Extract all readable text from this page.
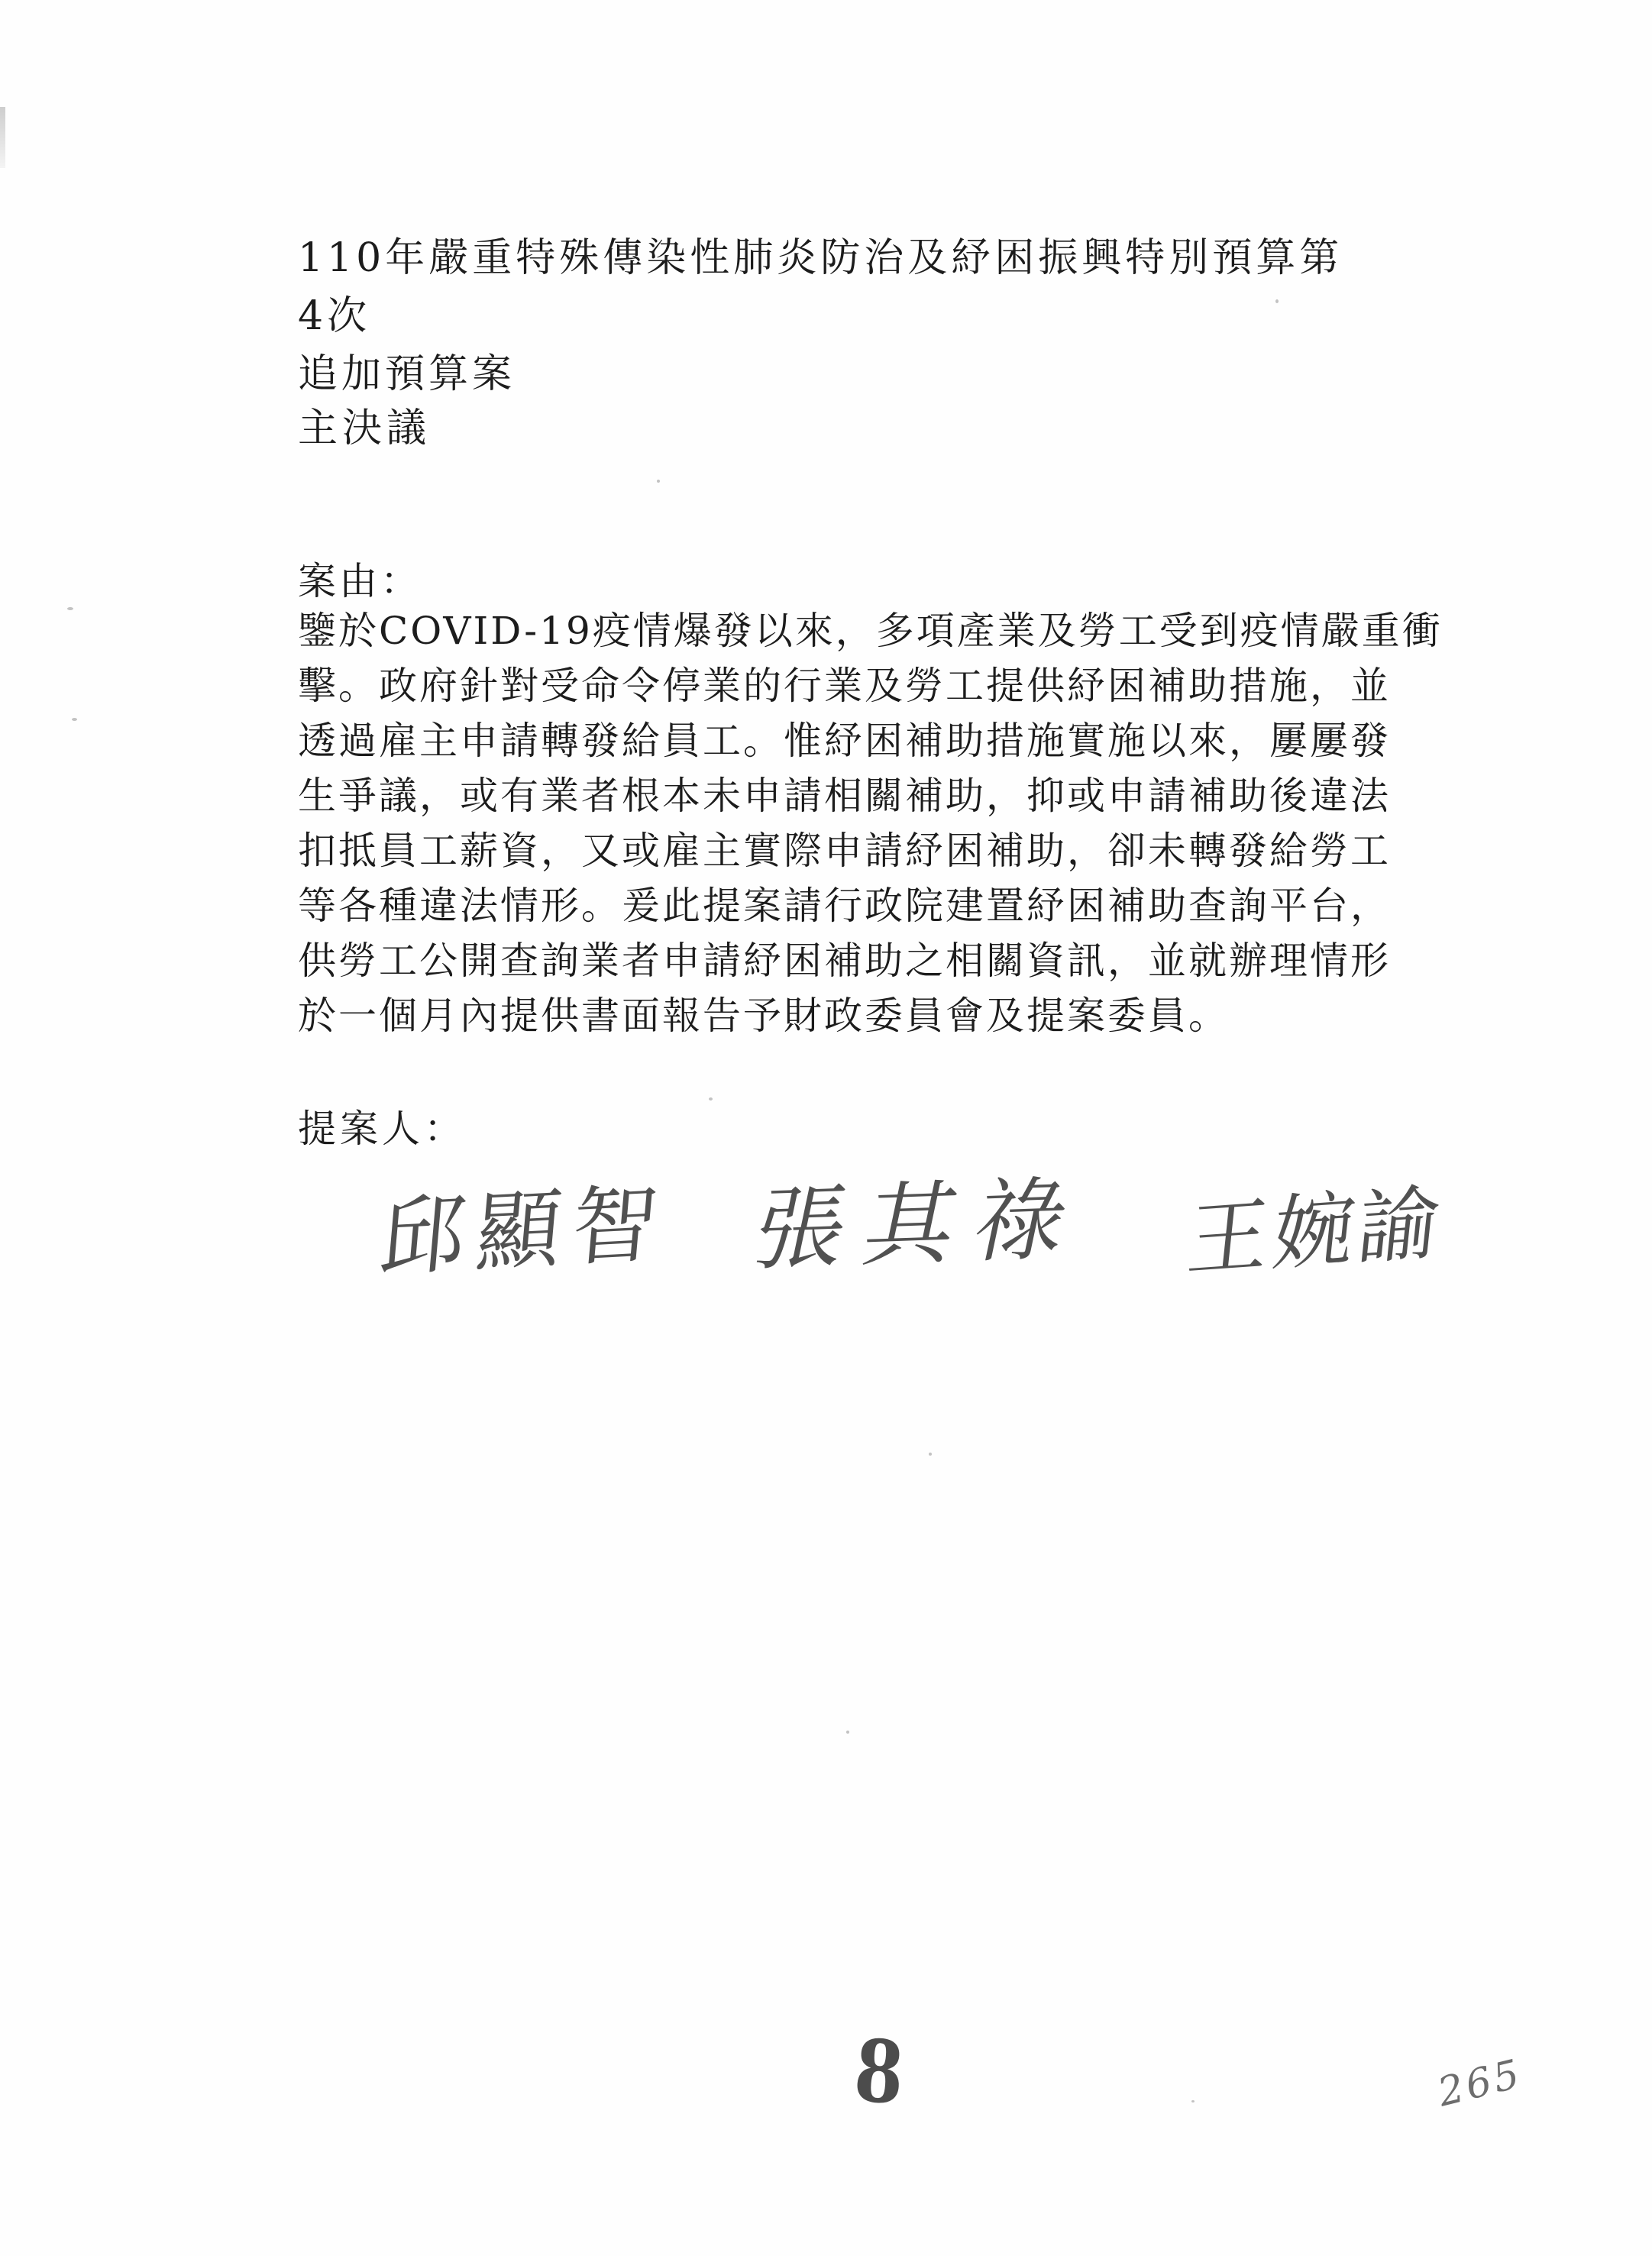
110年嚴重特殊傳染性肺炎防治及紓困振興特別預算第4次
追加預算案
主決議
案由：
鑒於COVID-19疫情爆發以來，多項產業及勞工受到疫情嚴重衝
擊。政府針對受命令停業的行業及勞工提供紓困補助措施，並
透過雇主申請轉發給員工。惟紓困補助措施實施以來，屢屢發
生爭議，或有業者根本未申請相關補助，抑或申請補助後違法
扣抵員工薪資，又或雇主實際申請紓困補助，卻未轉發給勞工
等各種違法情形。爰此提案請行政院建置紓困補助查詢平台，
供勞工公開查詢業者申請紓困補助之相關資訊，並就辦理情形
於一個月內提供書面報告予財政委員會及提案委員。
提案人：
邱顯智 張其祿 王婉諭
8	265
